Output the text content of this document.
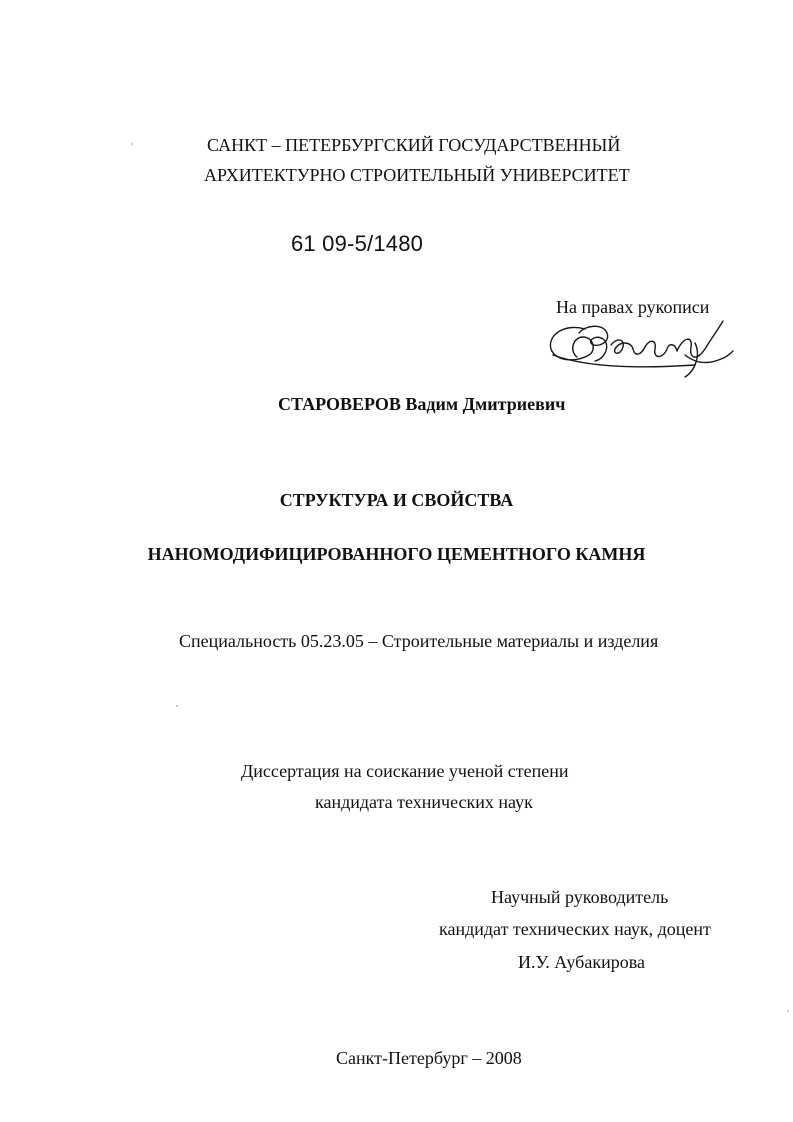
САНКТ – ПЕТЕРБУРГСКИЙ ГОСУДАРСТВЕННЫЙ
АРХИТЕКТУРНО СТРОИТЕЛЬНЫЙ УНИВЕРСИТЕТ
61 09-5/1480
На правах рукописи
СТАРОВЕРОВ Вадим Дмитриевич
СТРУКТУРА И СВОЙСТВА
НАНОМОДИФИЦИРОВАННОГО ЦЕМЕНТНОГО КАМНЯ
Специальность 05.23.05 – Строительные материалы и изделия
Диссертация на соискание ученой степени
кандидата технических наук
Научный руководитель
кандидат технических наук, доцент
И.У. Аубакирова
Санкт-Петербург – 2008
